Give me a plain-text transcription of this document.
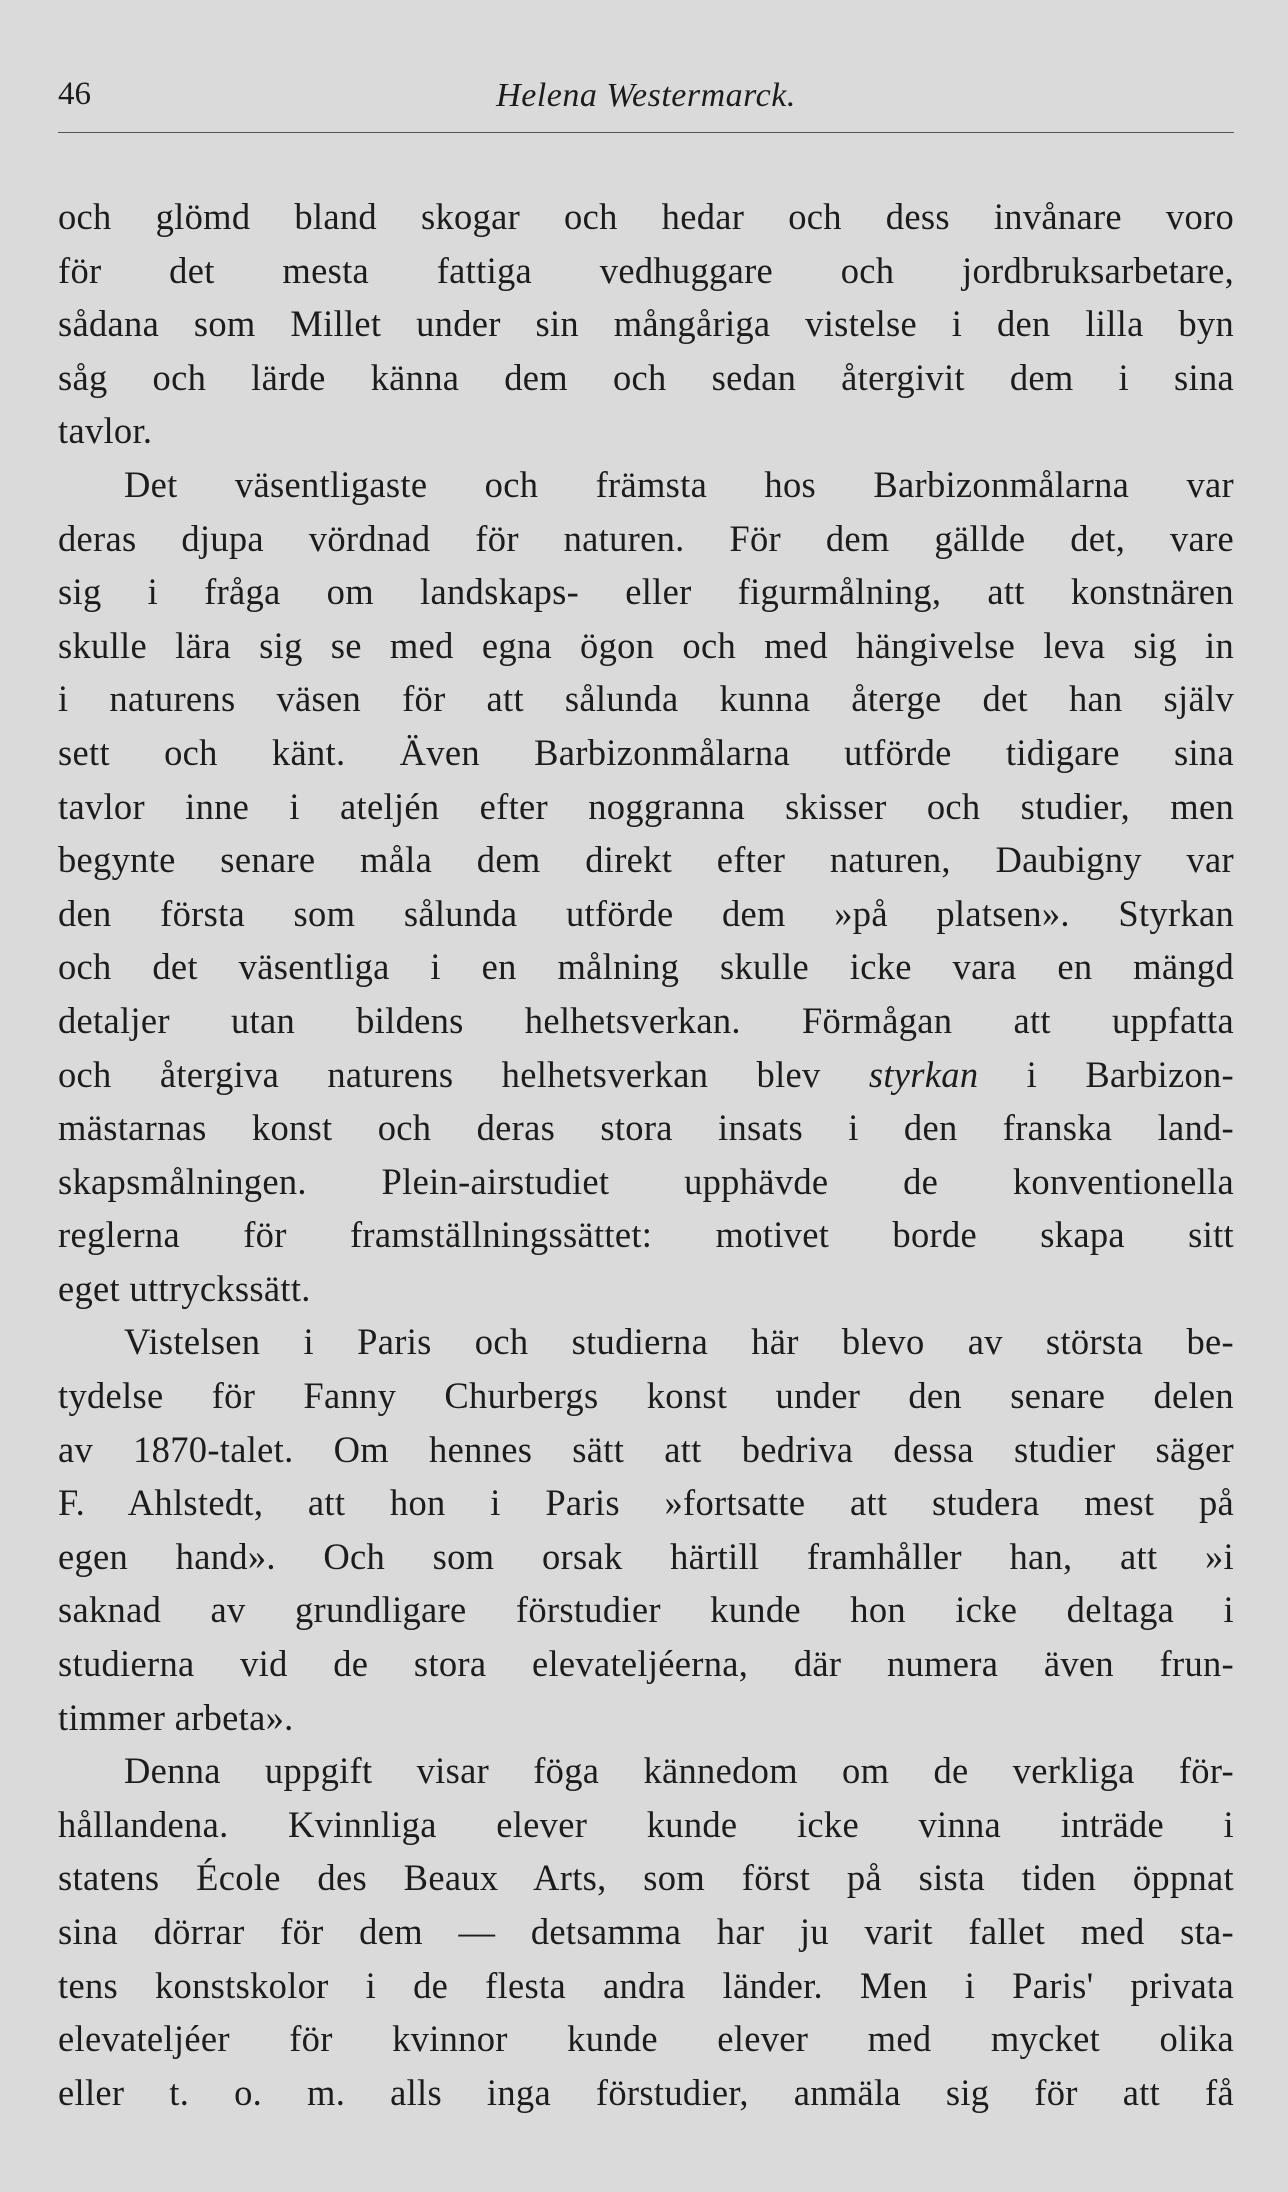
46	Helena Westermarck.
och glömd bland skogar och hedar och dess invånare voro
för det mesta fattiga vedhuggare och jordbruksarbetare,
sådana som Millet under sin mångåriga vistelse i den lilla byn
såg och lärde känna dem och sedan återgivit dem i sina
tavlor.
Det väsentligaste och främsta hos Barbizonmålarna var
deras djupa vördnad för naturen. För dem gällde det, vare
sig i fråga om landskaps- eller figurmålning, att konstnären
skulle lära sig se med egna ögon och med hängivelse leva sig in
i naturens väsen för att sålunda kunna återge det han själv
sett och känt. Även Barbizonmålarna utförde tidigare sina
tavlor inne i ateljén efter noggranna skisser och studier, men
begynte senare måla dem direkt efter naturen, Daubigny var
den första som sålunda utförde dem »på platsen». Styrkan
och det väsentliga i en målning skulle icke vara en mängd
detaljer utan bildens helhetsverkan. Förmågan att uppfatta
och återgiva naturens helhetsverkan blev styrkan i Barbizon-
mästarnas konst och deras stora insats i den franska land-
skapsmålningen. Plein-airstudiet upphävde de konventionella
reglerna för framställningssättet: motivet borde skapa sitt
eget uttryckssätt.
Vistelsen i Paris och studierna här blevo av största be-
tydelse för Fanny Churbergs konst under den senare delen
av 1870-talet. Om hennes sätt att bedriva dessa studier säger
F. Ahlstedt, att hon i Paris »fortsatte att studera mest på
egen hand». Och som orsak härtill framhåller han, att »i
saknad av grundligare förstudier kunde hon icke deltaga i
studierna vid de stora elevateljéerna, där numera även frun-
timmer arbeta».
Denna uppgift visar föga kännedom om de verkliga för-
hållandena. Kvinnliga elever kunde icke vinna inträde i
statens École des Beaux Arts, som först på sista tiden öppnat
sina dörrar för dem — detsamma har ju varit fallet med sta-
tens konstskolor i de flesta andra länder. Men i Paris' privata
elevateljéer för kvinnor kunde elever med mycket olika
eller t. o. m. alls inga förstudier, anmäla sig för att få
